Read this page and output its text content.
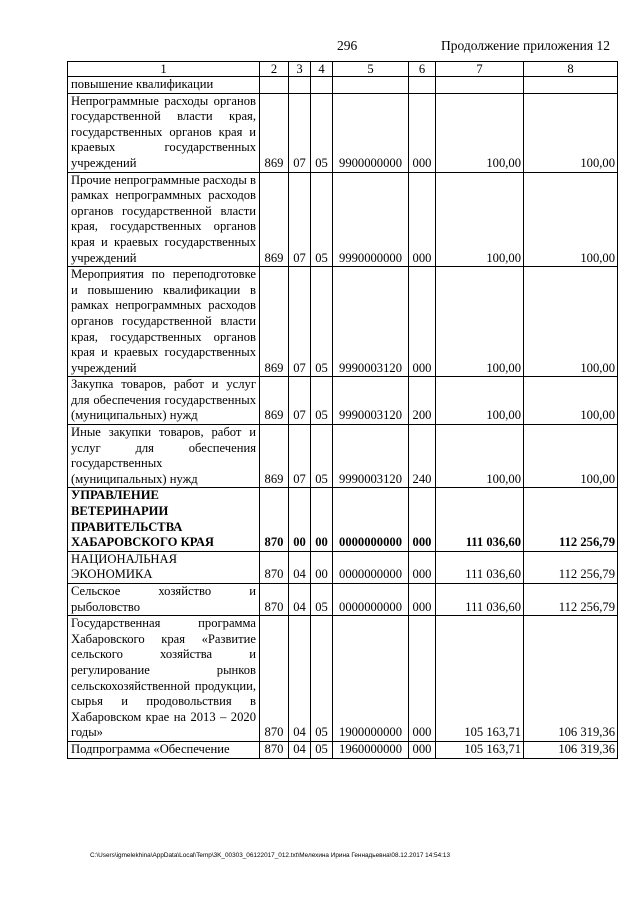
296	Продолжение приложения 12
1	2	3	4	5	6	7	8
повышение квалификации							
Непрограммные расходы органов государственной власти края, государственных органов края и краевых государственных учреждений	869	07	05	9900000000	000	100,00	100,00
Прочие непрограммные расходы в рамках непрограммных расходов органов государственной власти края, государственных органов края и краевых государственных учреждений	869	07	05	9990000000	000	100,00	100,00
Мероприятия по переподготовке и повышению квалификации в рамках непрограммных расходов органов государственной власти края, государственных органов края и краевых государственных учреждений	869	07	05	9990003120	000	100,00	100,00
Закупка товаров, работ и услуг для обеспечения государственных (муниципальных) нужд	869	07	05	9990003120	200	100,00	100,00
Иные закупки товаров, работ и услуг для обеспечения государственных (муниципальных) нужд	869	07	05	9990003120	240	100,00	100,00
УПРАВЛЕНИЕ ВЕТЕРИНАРИИ ПРАВИТЕЛЬСТВА ХАБАРОВСКОГО КРАЯ	870	00	00	0000000000	000	111 036,60	112 256,79
НАЦИОНАЛЬНАЯ ЭКОНОМИКА	870	04	00	0000000000	000	111 036,60	112 256,79
Сельское хозяйство и рыболовство	870	04	05	0000000000	000	111 036,60	112 256,79
Государственная программа Хабаровского края «Развитие сельского хозяйства и регулирование рынков сельскохозяйственной продукции, сырья и продовольствия в Хабаровском крае на 2013 – 2020 годы»	870	04	05	1900000000	000	105 163,71	106 319,36
Подпрограмма «Обеспечение	870	04	05	1960000000	000	105 163,71	106 319,36
C:\Users\igmelekhina\AppData\Local\Temp\3K_00303_06122017_012.txt\Мелехина Ирина Геннадьевна\08.12.2017 14:54:13
